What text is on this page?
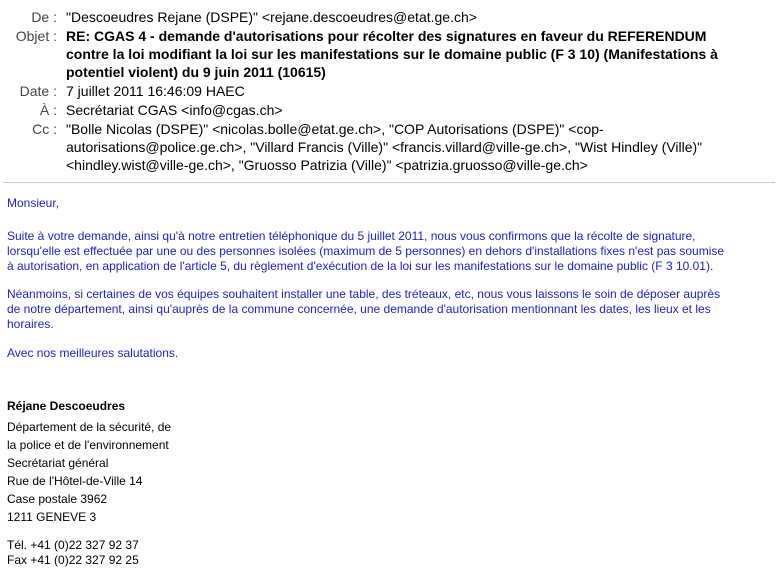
De : "Descoeudres Rejane (DSPE)" <rejane.descoeudres@etat.ge.ch>
Objet : RE: CGAS 4 - demande d'autorisations pour récolter des signatures en faveur du REFERENDUM
contre la loi modifiant la loi sur les manifestations sur le domaine public (F 3 10) (Manifestations à
potentiel violent) du 9 juin 2011 (10615)
Date : 7 juillet 2011 16:46:09 HAEC
À : Secrétariat CGAS <info@cgas.ch>
Cc : "Bolle Nicolas (DSPE)" <nicolas.bolle@etat.ge.ch>, "COP Autorisations (DSPE)" <cop-
autorisations@police.ge.ch>, "Villard Francis (Ville)" <francis.villard@ville-ge.ch>, "Wist Hindley (Ville)"
<hindley.wist@ville-ge.ch>, "Gruosso Patrizia (Ville)" <patrizia.gruosso@ville-ge.ch>

Monsieur,

Suite à votre demande, ainsi qu'à notre entretien téléphonique du 5 juillet 2011, nous vous confirmons que la récolte de signature,
lorsqu'elle est effectuée par une ou des personnes isolées (maximum de 5 personnes) en dehors d'installations fixes n'est pas soumise
à autorisation, en application de l'article 5, du règlement d'exécution de la loi sur les manifestations sur le domaine public (F 3 10.01).
Néanmoins, si certaines de vos équipes souhaitent installer une table, des tréteaux, etc, nous vous laissons le soin de déposer auprès
de notre département, ainsi qu'auprès de la commune concernée, une demande d'autorisation mentionnant les dates, les lieux et les
horaires.

Avec nos meilleures salutations.

Réjane Descoeudres
Département de la sécurité, de
la police et de l'environnement
Secrétariat général
Rue de l'Hôtel-de-Ville 14
Case postale 3962
1211 GENEVE 3
Tél. +41 (0)22 327 92 37
Fax +41 (0)22 327 92 25
